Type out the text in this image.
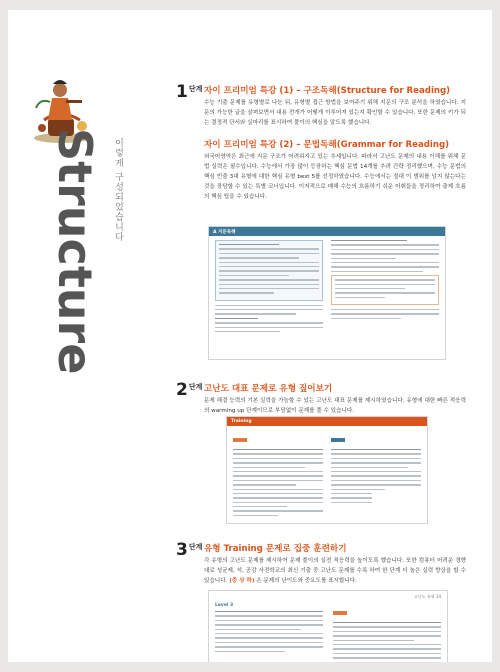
Structure 이렇게 구성되었습니다
$1^{단계}$ 자이 프리미엄 특강 (1) – 구조독해(Structure for Reading)
수능 기출 문제를 유형별로 나눈 뒤, 유형별 접근 방법을 보여주기 위해 지문의 구조 분석을 하였습니다. 지문의 가능한 글을 살펴보면서 내용 전개가 어떻게 이루어져 있는지 확인할 수 있습니다. 또한 문제의 키가 되는 결정적 단서와 실마리를 표시하여 풀이의 핵심을 알도록 했습니다.
자이 프리미엄 특강 (2) – 문법독해(Grammar for Reading)
외국어영역은 최근에 지문 구조가 어려워지고 있는 추세입니다. 따라서 고난도 문제의 내용 이해를 위해 문법 실력은 필수입니다. 수능에서 가장 많이 등장하는 핵심 문법 14개를 추려 간략 정리했으며, 수능 문법의 핵심 빈출 3대 유형에 대한 핵심 유형 best 5를 선정하였습니다. 수능에서는 절대 이 범위를 넘지 않는다는 것을 장담할 수 있는 특별 코너입니다. 이저적으로 매해 수능의 흐름하기 쉬운 어휘들을 정리하여 출제 흐름의 핵심 팁을 수 있습니다.
A 지문독해
$2^{단계}$ 고난도 대표 문제로 유형 짚어보기
문제 해결 능력의 기본 실력을 가늠할 수 있는 고난도 대표 문제를 제시하였습니다. 유형에 대한 빠른 적응력의 warming up 단계이므로 부담없이 문제를 풀 수 있습니다.
Training
$3^{단계}$ 유형 Training 문제로 집중 훈련하기
각 유형의 고난도 문제를 제시하여 문제 풀이의 실전 적응력을 높이도록 했습니다. 또한 컴퓨터 어려운 경향대로 성균제, 석, 공감 사전학교의 최신 기출 중 고난도 문제를 수록 하여 한 단계 더 높은 실력 향상을 할 수 있습니다. (중 상 하) 은 문제의 난이도와 중요도를 표시합니다.
고난도 유형 34
Level 3
